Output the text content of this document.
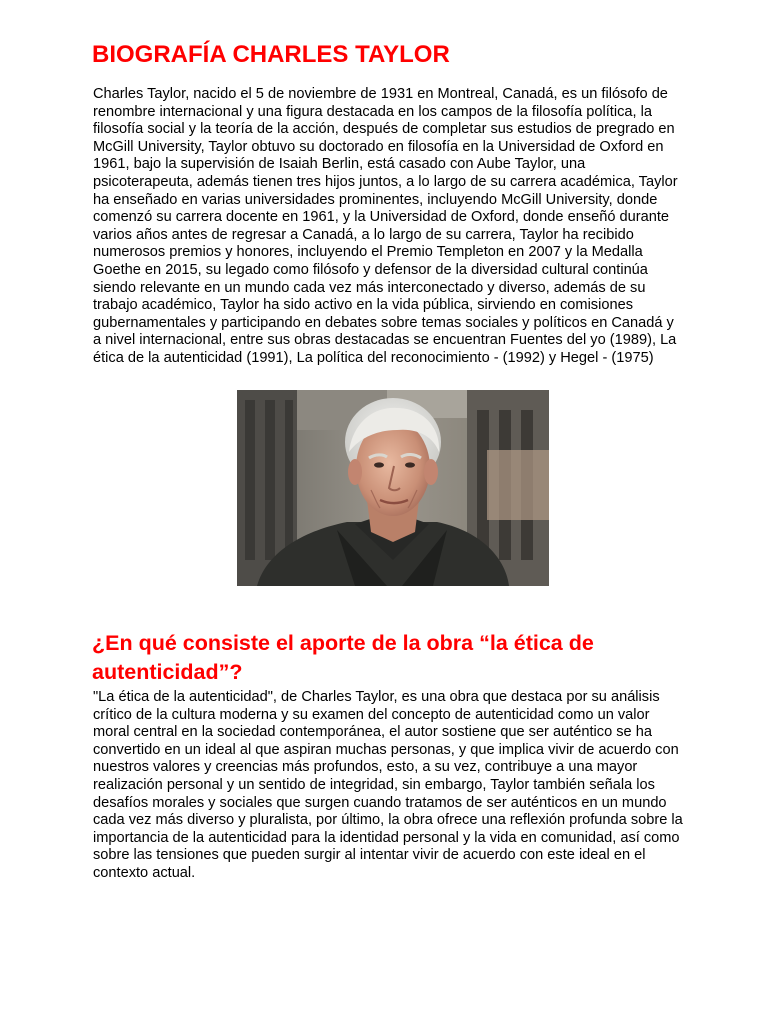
BIOGRAFÍA CHARLES TAYLOR

Charles Taylor, nacido el 5 de noviembre de 1931 en Montreal, Canadá, es un filósofo de renombre internacional y una figura destacada en los campos de la filosofía política, la filosofía social y la teoría de la acción, después de completar sus estudios de pregrado en McGill University, Taylor obtuvo su doctorado en filosofía en la Universidad de Oxford en 1961, bajo la supervisión de Isaiah Berlin, está casado con Aube Taylor, una psicoterapeuta, además tienen tres hijos juntos, a lo largo de su carrera académica, Taylor ha enseñado en varias universidades prominentes, incluyendo McGill University, donde comenzó su carrera docente en 1961, y la Universidad de Oxford, donde enseñó durante varios años antes de regresar a Canadá, a lo largo de su carrera, Taylor ha recibido numerosos premios y honores, incluyendo el Premio Templeton en 2007 y la Medalla Goethe en 2015, su legado como filósofo y defensor de la diversidad cultural continúa siendo relevante en un mundo cada vez más interconectado y diverso, además de su trabajo académico, Taylor ha sido activo en la vida pública, sirviendo en comisiones gubernamentales y participando en debates sobre temas sociales y políticos en Canadá y a nivel internacional, entre sus obras destacadas se encuentran Fuentes del yo (1989), La ética de la autenticidad (1991), La política del reconocimiento - (1992) y Hegel - (1975)

¿En qué consiste el aporte de la obra “la ética de autenticidad”?

"La ética de la autenticidad", de Charles Taylor, es una obra que destaca por su análisis crítico de la cultura moderna y su examen del concepto de autenticidad como un valor moral central en la sociedad contemporánea, el autor sostiene que ser auténtico se ha convertido en un ideal al que aspiran muchas personas, y que implica vivir de acuerdo con nuestros valores y creencias más profundos, esto, a su vez, contribuye a una mayor realización personal y un sentido de integridad, sin embargo, Taylor también señala los desafíos morales y sociales que surgen cuando tratamos de ser auténticos en un mundo cada vez más diverso y pluralista, por último, la obra ofrece una reflexión profunda sobre la importancia de la autenticidad para la identidad personal y la vida en comunidad, así como sobre las tensiones que pueden surgir al intentar vivir de acuerdo con este ideal en el contexto actual.
